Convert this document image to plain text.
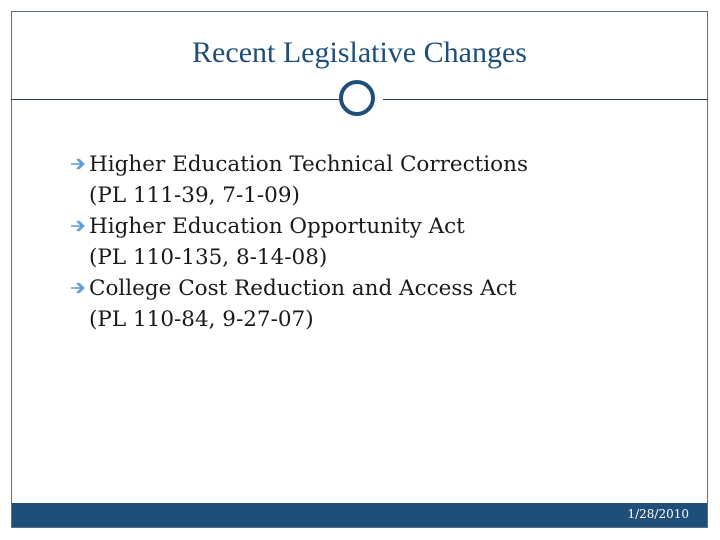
Recent Legislative Changes
Higher Education Technical Corrections
(PL 111-39, 7-1-09)
Higher Education Opportunity Act
(PL 110-135, 8-14-08)
College Cost Reduction and Access Act
(PL 110-84, 9-27-07)
1/28/2010
